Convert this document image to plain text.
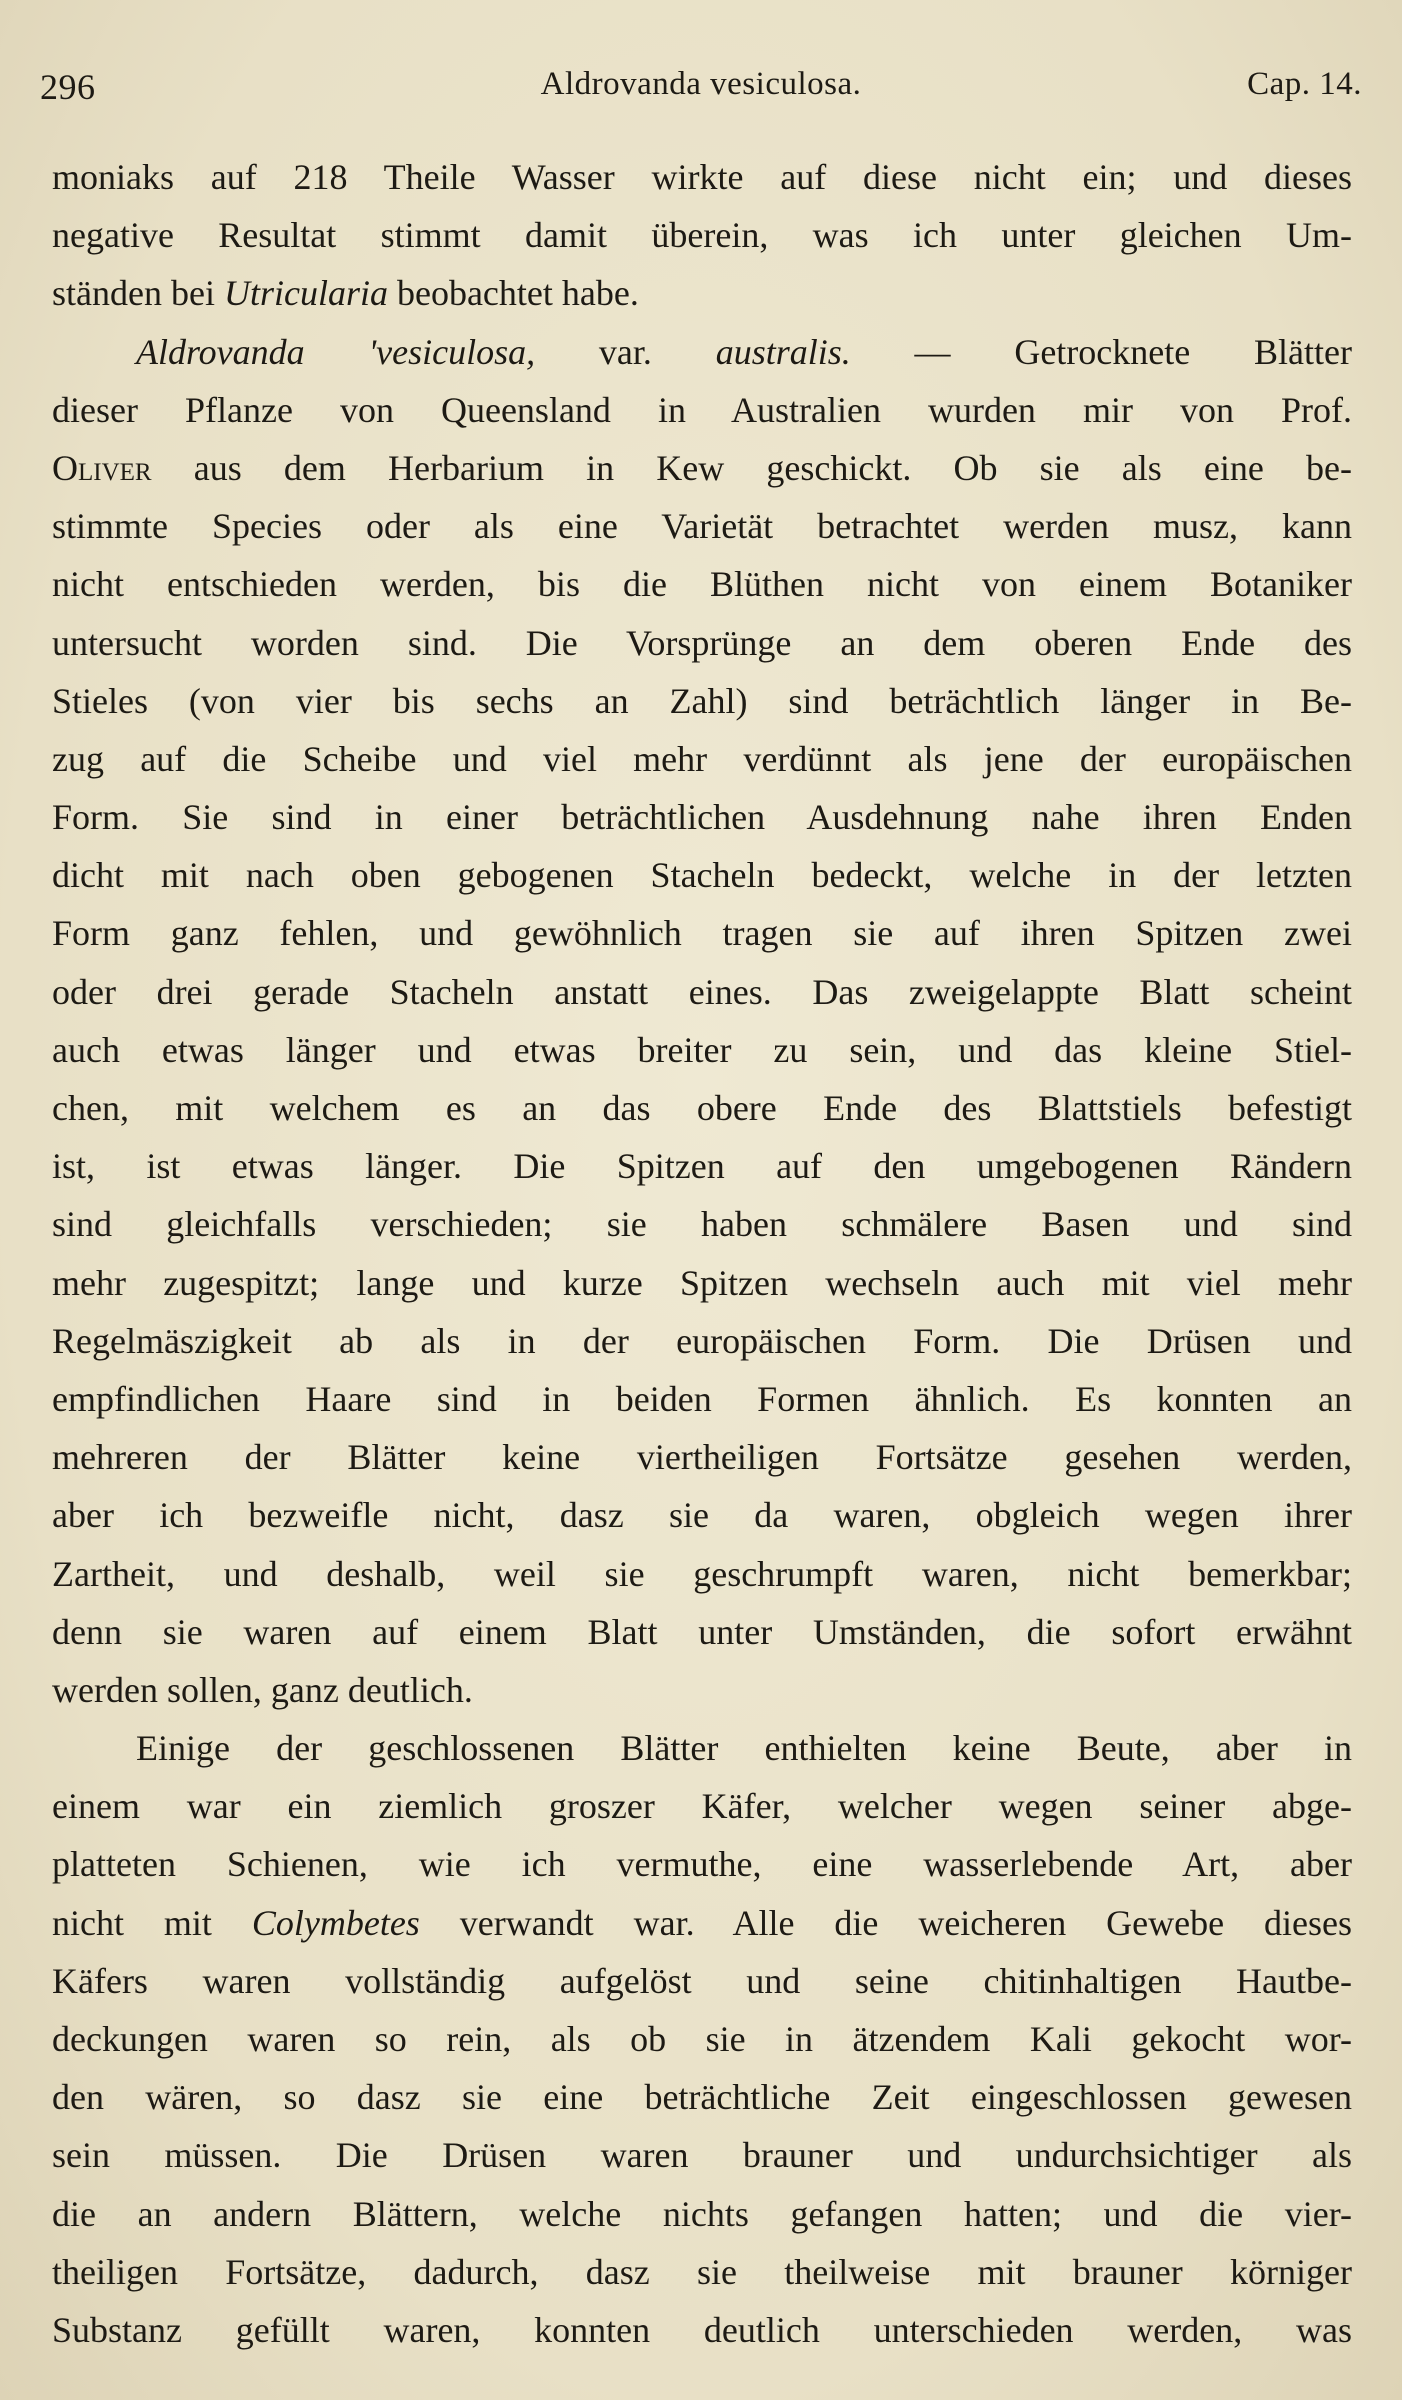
296	Aldrovanda vesiculosa.	Cap. 14.
moniaks auf 218 Theile Wasser wirkte auf diese nicht ein; und dieses
negative Resultat stimmt damit überein, was ich unter gleichen Um-
ständen bei Utricularia beobachtet habe.
Aldrovanda 'vesiculosa, var. australis. — Getrocknete Blätter
dieser Pflanze von Queensland in Australien wurden mir von Prof.
Oliver aus dem Herbarium in Kew geschickt. Ob sie als eine be-
stimmte Species oder als eine Varietät betrachtet werden musz, kann
nicht entschieden werden, bis die Blüthen nicht von einem Botaniker
untersucht worden sind. Die Vorsprünge an dem oberen Ende des
Stieles (von vier bis sechs an Zahl) sind beträchtlich länger in Be-
zug auf die Scheibe und viel mehr verdünnt als jene der europäischen
Form. Sie sind in einer beträchtlichen Ausdehnung nahe ihren Enden
dicht mit nach oben gebogenen Stacheln bedeckt, welche in der letzten
Form ganz fehlen, und gewöhnlich tragen sie auf ihren Spitzen zwei
oder drei gerade Stacheln anstatt eines. Das zweigelappte Blatt scheint
auch etwas länger und etwas breiter zu sein, und das kleine Stiel-
chen, mit welchem es an das obere Ende des Blattstiels befestigt
ist, ist etwas länger. Die Spitzen auf den umgebogenen Rändern
sind gleichfalls verschieden; sie haben schmälere Basen und sind
mehr zugespitzt; lange und kurze Spitzen wechseln auch mit viel mehr
Regelmäszigkeit ab als in der europäischen Form. Die Drüsen und
empfindlichen Haare sind in beiden Formen ähnlich. Es konnten an
mehreren der Blätter keine viertheiligen Fortsätze gesehen werden,
aber ich bezweifle nicht, dasz sie da waren, obgleich wegen ihrer
Zartheit, und deshalb, weil sie geschrumpft waren, nicht bemerkbar;
denn sie waren auf einem Blatt unter Umständen, die sofort erwähnt
werden sollen, ganz deutlich.
Einige der geschlossenen Blätter enthielten keine Beute, aber in
einem war ein ziemlich groszer Käfer, welcher wegen seiner abge-
platteten Schienen, wie ich vermuthe, eine wasserlebende Art, aber
nicht mit Colymbetes verwandt war. Alle die weicheren Gewebe dieses
Käfers waren vollständig aufgelöst und seine chitinhaltigen Hautbe-
deckungen waren so rein, als ob sie in ätzendem Kali gekocht wor-
den wären, so dasz sie eine beträchtliche Zeit eingeschlossen gewesen
sein müssen. Die Drüsen waren brauner und undurchsichtiger als
die an andern Blättern, welche nichts gefangen hatten; und die vier-
theiligen Fortsätze, dadurch, dasz sie theilweise mit brauner körniger
Substanz gefüllt waren, konnten deutlich unterschieden werden, was
